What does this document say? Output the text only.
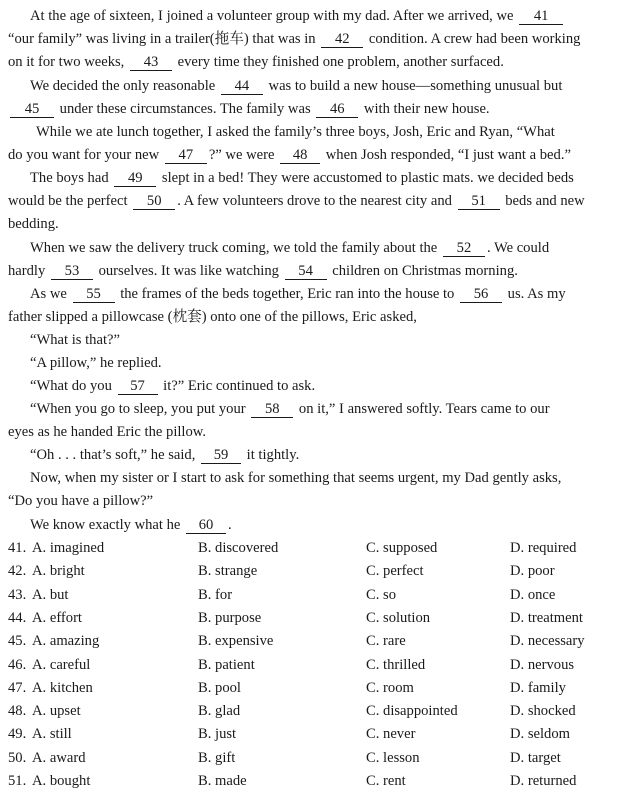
At the age of sixteen, I joined a volunteer group with my dad. After we arrived, we 41
“our family” was living in a trailer(拖车) that was in 42 condition. A crew had been working
on it for two weeks, 43 every time they finished one problem, another surfaced.
We decided the only reasonable 44 was to build a new house—something unusual but
45 under these circumstances. The family was 46 with their new house.
While we ate lunch together, I asked the family’s three boys, Josh, Eric and Ryan, “What
do you want for your new 47 ?” we were 48 when Josh responded, “I just want a bed.”
The boys had 49 slept in a bed! They were accustomed to plastic mats. we decided beds
would be the perfect 50 . A few volunteers drove to the nearest city and 51 beds and new
bedding.
When we saw the delivery truck coming, we told the family about the 52 . We could
hardly 53 ourselves. It was like watching 54 children on Christmas morning.
As we 55 the frames of the beds together, Eric ran into the house to 56 us. As my
father slipped a pillowcase (枕套) onto one of the pillows, Eric asked,
“What is that?”
“A pillow,” he replied.
“What do you 57 it?” Eric continued to ask.
“When you go to sleep, you put your 58 on it,” I answered softly. Tears came to our
eyes as he handed Eric the pillow.
“Oh . . . that’s soft,” he said, 59 it tightly.
Now, when my sister or I start to ask for something that seems urgent, my Dad gently asks,
“Do you have a pillow?”
We know exactly what he 60 .
41. A. imagined	B. discovered	C. supposed	D. required
42. A. bright	B. strange	C. perfect	D. poor
43. A. but	B. for	C. so	D. once
44. A. effort	B. purpose	C. solution	D. treatment
45. A. amazing	B. expensive	C. rare	D. necessary
46. A. careful	B. patient	C. thrilled	D. nervous
47. A. kitchen	B. pool	C. room	D. family
48. A. upset	B. glad	C. disappointed	D. shocked
49. A. still	B. just	C. never	D. seldom
50. A. award	B. gift	C. lesson	D. target
51. A. bought	B. made	C. rent	D. returned
